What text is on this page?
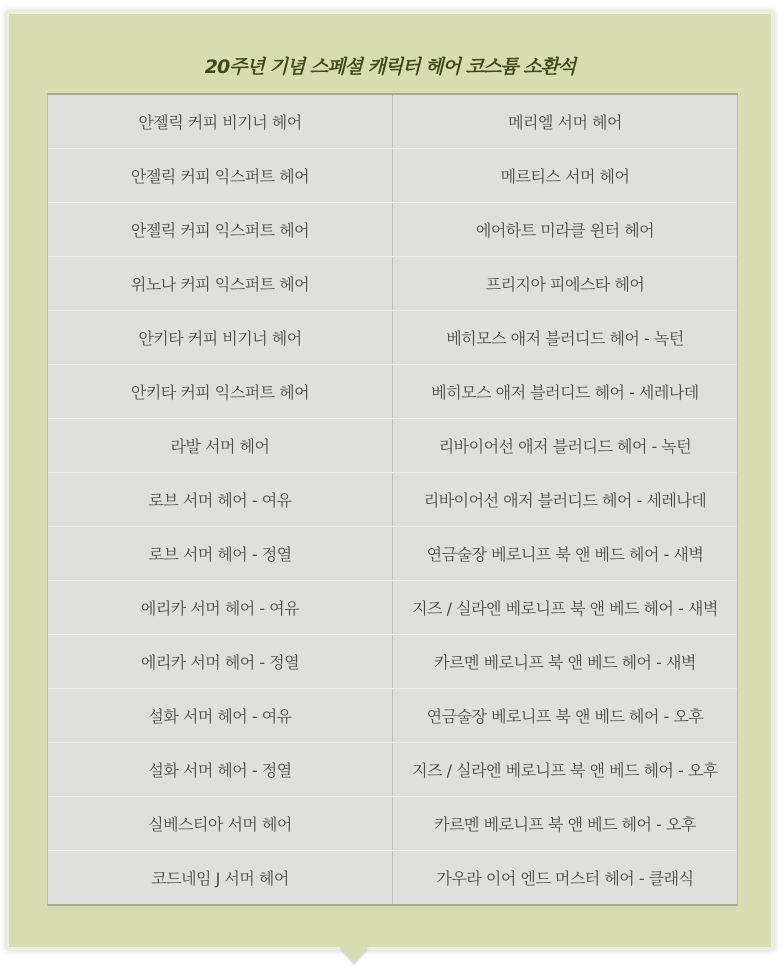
20주년 기념 스페셜 캐릭터 헤어 코스튬 소환석
안젤릭 커피 비기너 헤어	메리엘 서머 헤어
안젤릭 커피 익스퍼트 헤어	메르티스 서머 헤어
안젤릭 커피 익스퍼트 헤어	에어하트 미라클 윈터 헤어
위노나 커피 익스퍼트 헤어	프리지아 피에스타 헤어
안키타 커피 비기너 헤어	베히모스 애저 블러디드 헤어 - 녹턴
안키타 커피 익스퍼트 헤어	베히모스 애저 블러디드 헤어 - 세레나데
라발 서머 헤어	리바이어선 애저 블러디드 헤어 - 녹턴
로브 서머 헤어 - 여유	리바이어선 애저 블러디드 헤어 - 세레나데
로브 서머 헤어 - 정열	연금술장 베로니프 북 앤 베드 헤어 - 새벽
에리카 서머 헤어 - 여유	지즈 / 실라엔 베로니프 북 앤 베드 헤어 - 새벽
에리카 서머 헤어 - 정열	카르멘 베로니프 북 앤 베드 헤어 - 새벽
설화 서머 헤어 - 여유	연금술장 베로니프 북 앤 베드 헤어 - 오후
설화 서머 헤어 - 정열	지즈 / 실라엔 베로니프 북 앤 베드 헤어 - 오후
실베스티아 서머 헤어	카르멘 베로니프 북 앤 베드 헤어 - 오후
코드네임 J 서머 헤어	가우라 이어 엔드 머스터 헤어 - 클래식
